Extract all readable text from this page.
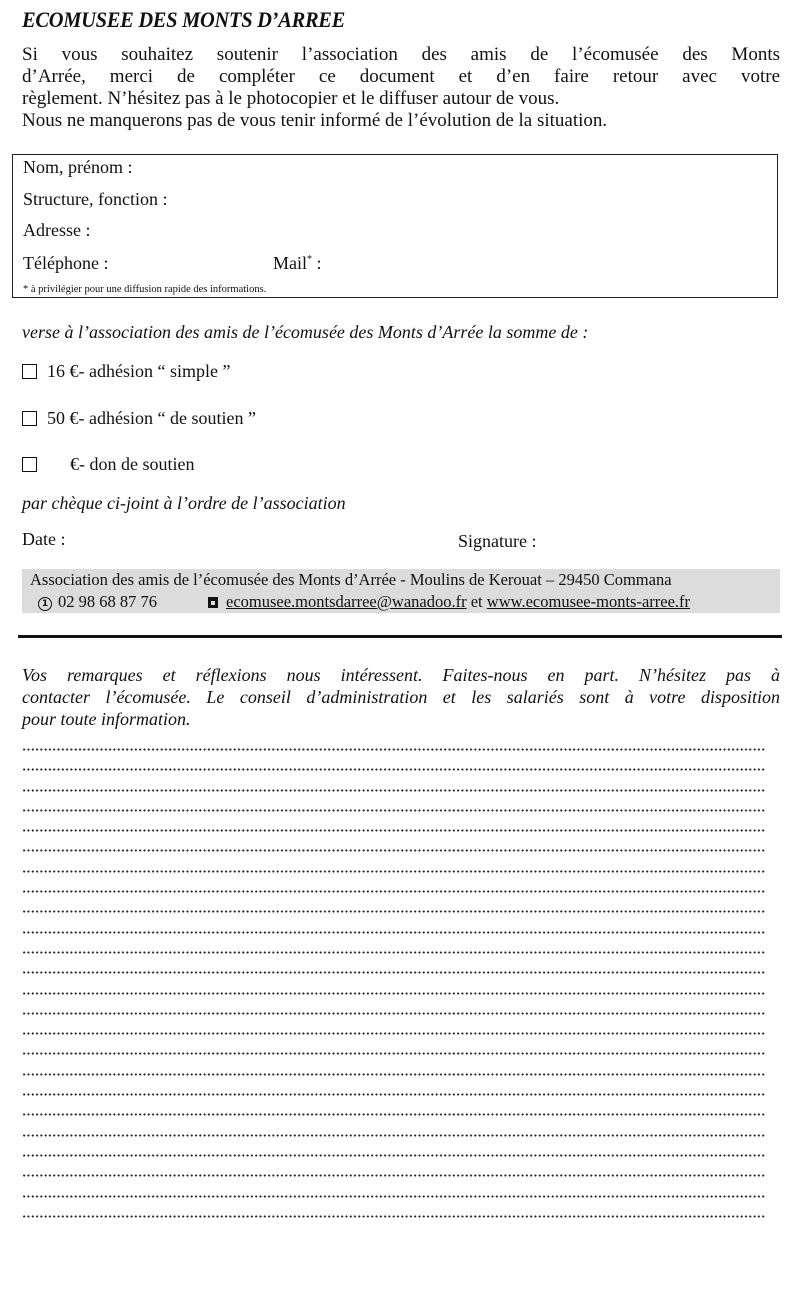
ECOMUSEE DES MONTS D’ARREE

Si vous souhaitez soutenir l’association des amis de l’écomusée des Monts

d’Arrée, merci de compléter ce document et d’en faire retour avec votre

règlement. N’hésitez pas à le photocopier et le diffuser autour de vous.

Nous ne manquerons pas de vous tenir informé de l’évolution de la situation.

Nom, prénom :
Structure, fonction :
Adresse :
Téléphone :	Mail* :
* à privilégier pour une diffusion rapide des informations.
verse à l’association des amis de l’écomusée des Monts d’Arrée la somme de :
16
€ - adhésion “ simple ”
50
€ - adhésion “ de soutien ”

€ - don de soutien
par chèque ci-joint à l’ordre de l’association
Date :	Signature :
Association des amis de l’écomusée des Monts d’Arrée - Moulins de Kerouat – 29450 Commana
1 02 98 68 87 76	ecomusee.montsdarree@wanadoo.fr et www.ecomusee-monts-arree.fr
Vos remarques et réflexions nous intéressent. Faites-nous en part. N’hésitez pas à
contacter l’écomusée. Le conseil d’administration et les salariés sont à votre disposition
pour toute information.
